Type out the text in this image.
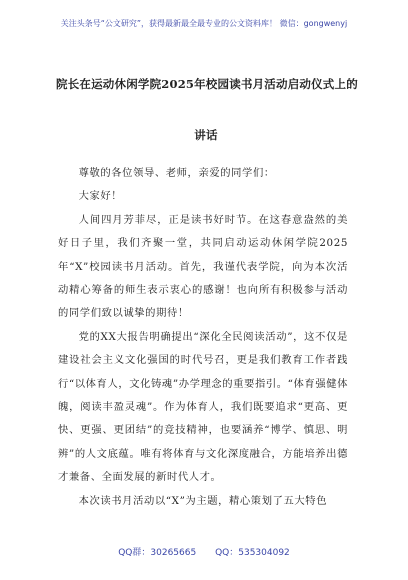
关注头条号“公文研究”，获得最新最全最专业的公文资料库！ 微信：gongwenyj
院长在运动休闲学院2025年校园读书月活动启动仪式上的
讲话

尊敬的各位领导、老师，亲爱的同学们：

大家好！

人间四月芳菲尽，正是读书好时节。在这春意盎然的美好日子里，我们齐聚一堂，共同启动运动休闲学院2025年“X”校园读书月活动。首先，我谨代表学院，向为本次活动精心筹备的师生表示衷心的感谢！也向所有积极参与活动的同学们致以诚挚的期待！

党的XX大报告明确提出“深化全民阅读活动”，这不仅是建设社会主义文化强国的时代号召，更是我们教育工作者践行“以体育人，文化铸魂”办学理念的重要指引。“体育强健体魄，阅读丰盈灵魂”。作为体育人，我们既要追求“更高、更快、更强、更团结”的竞技精神，也要涵养“博学、慎思、明辨”的人文底蕴。唯有将体育与文化深度融合，方能培养出德才兼备、全面发展的新时代人才。

本次读书月活动以“X”为主题，精心策划了五大特色

QQ群：30265665 QQ：535304092
